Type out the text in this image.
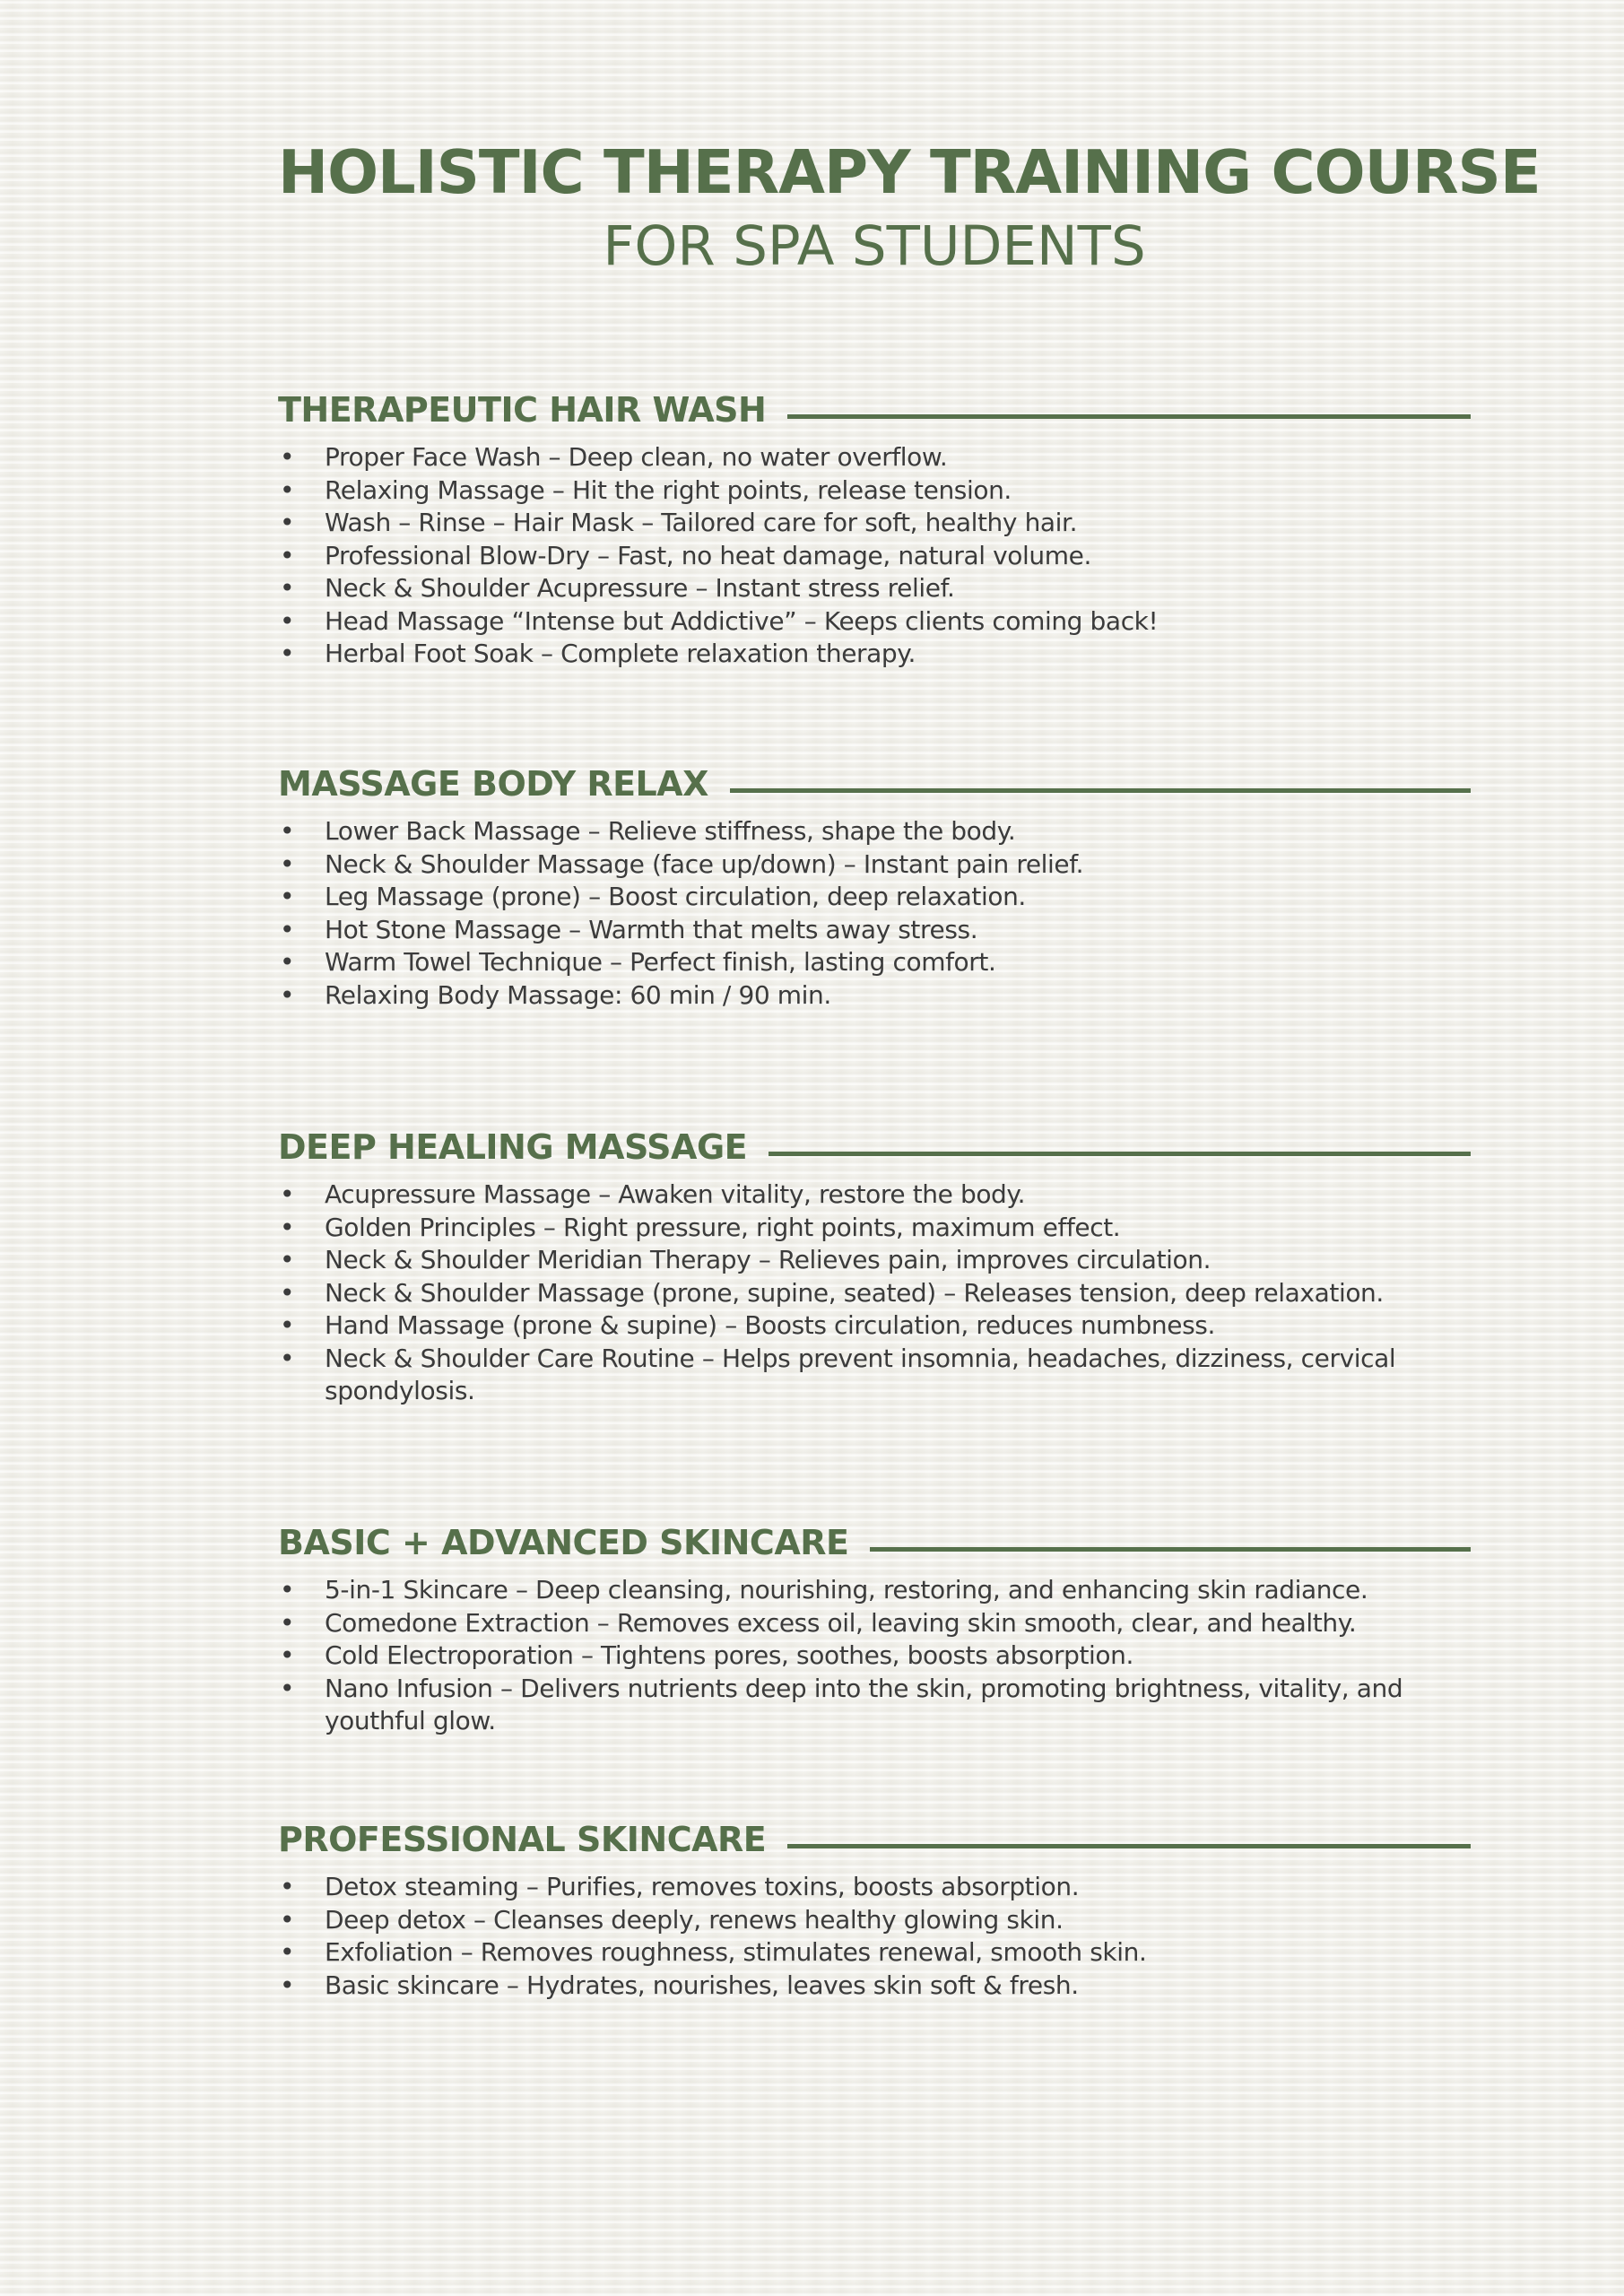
HOLISTIC THERAPY TRAINING COURSE
FOR SPA STUDENTS
THERAPEUTIC HAIR WASH
• Proper Face Wash – Deep clean, no water overflow.
• Relaxing Massage – Hit the right points, release tension.
• Wash – Rinse – Hair Mask – Tailored care for soft, healthy hair.
• Professional Blow-Dry – Fast, no heat damage, natural volume.
• Neck & Shoulder Acupressure – Instant stress relief.
• Head Massage “Intense but Addictive” – Keeps clients coming back!
• Herbal Foot Soak – Complete relaxation therapy.
MASSAGE BODY RELAX
• Lower Back Massage – Relieve stiffness, shape the body.
• Neck & Shoulder Massage (face up/down) – Instant pain relief.
• Leg Massage (prone) – Boost circulation, deep relaxation.
• Hot Stone Massage – Warmth that melts away stress.
• Warm Towel Technique – Perfect finish, lasting comfort.
• Relaxing Body Massage: 60 min / 90 min.
DEEP HEALING MASSAGE
• Acupressure Massage – Awaken vitality, restore the body.
• Golden Principles – Right pressure, right points, maximum effect.
• Neck & Shoulder Meridian Therapy – Relieves pain, improves circulation.
• Neck & Shoulder Massage (prone, supine, seated) – Releases tension, deep relaxation.
• Hand Massage (prone & supine) – Boosts circulation, reduces numbness.
• Neck & Shoulder Care Routine – Helps prevent insomnia, headaches, dizziness, cervical spondylosis.
BASIC + ADVANCED SKINCARE
• 5-in-1 Skincare – Deep cleansing, nourishing, restoring, and enhancing skin radiance.
• Comedone Extraction – Removes excess oil, leaving skin smooth, clear, and healthy.
• Cold Electroporation – Tightens pores, soothes, boosts absorption.
• Nano Infusion – Delivers nutrients deep into the skin, promoting brightness, vitality, and youthful glow.
PROFESSIONAL SKINCARE
• Detox steaming – Purifies, removes toxins, boosts absorption.
• Deep detox – Cleanses deeply, renews healthy glowing skin.
• Exfoliation – Removes roughness, stimulates renewal, smooth skin.
• Basic skincare – Hydrates, nourishes, leaves skin soft & fresh.
